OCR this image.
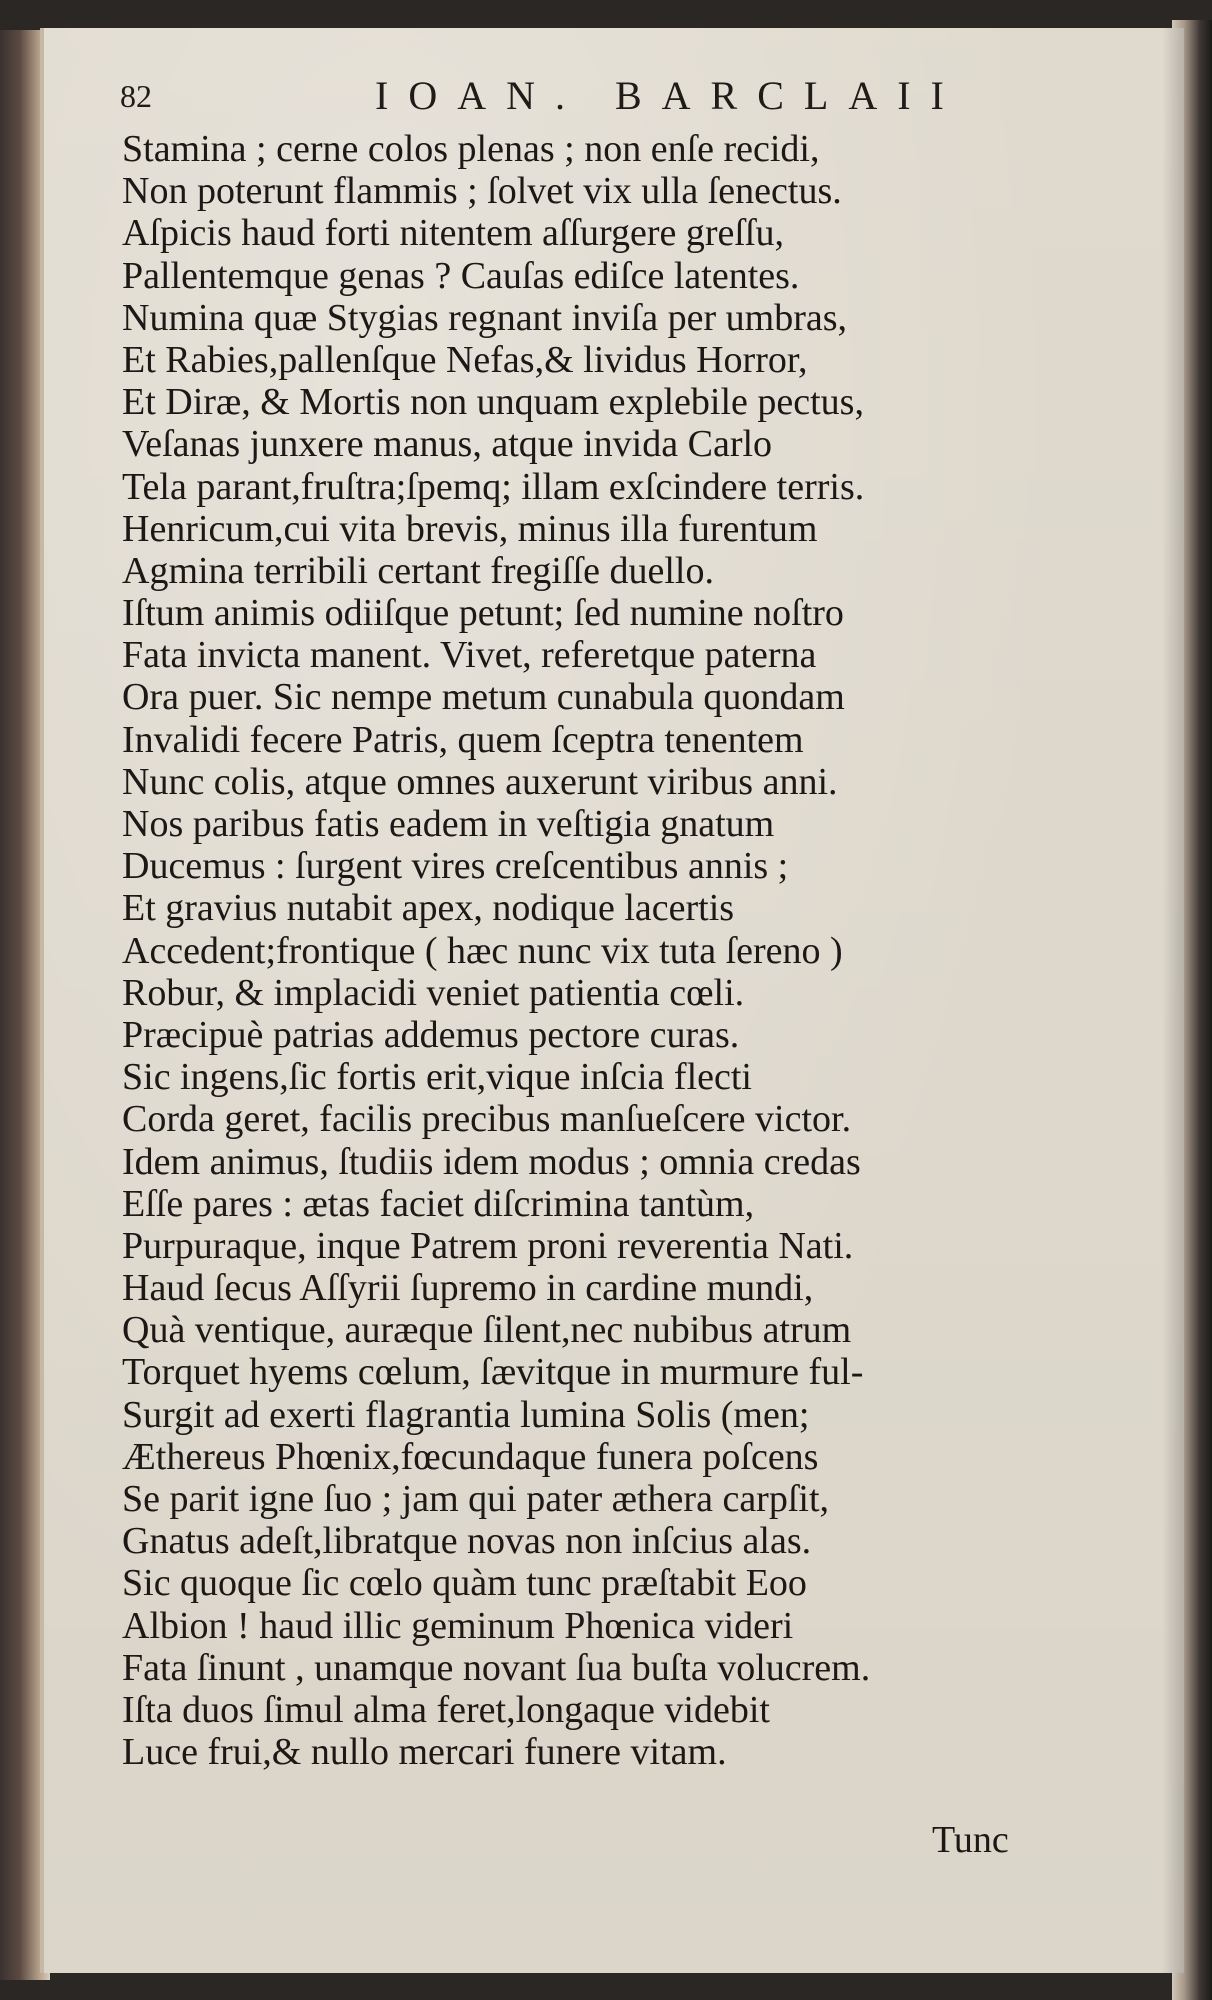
82	IOAN. BARCLAII
Stamina ; cerne colos plenas ; non enſe recidi,
Non poterunt flammis ; ſolvet vix ulla ſenectus.
Aſpicis haud forti nitentem aſſurgere greſſu,
Pallentemque genas ? Cauſas ediſce latentes.
Numina quæ Stygias regnant inviſa per umbras,
Et Rabies,pallenſque Nefas,& lividus Horror,
Et Diræ, & Mortis non unquam explebile pectus,
Veſanas junxere manus, atque invida Carlo
Tela parant,fruſtra;ſpemq; illam exſcindere terris.
Henricum,cui vita brevis, minus illa furentum
Agmina terribili certant fregiſſe duello.
Iſtum animis odiiſque petunt; ſed numine noſtro
Fata invicta manent. Vivet, referetque paterna
Ora puer. Sic nempe metum cunabula quondam
Invalidi fecere Patris, quem ſceptra tenentem
Nunc colis, atque omnes auxerunt viribus anni.
Nos paribus fatis eadem in veſtigia gnatum
Ducemus : ſurgent vires creſcentibus annis ;
Et gravius nutabit apex, nodique lacertis
Accedent;frontique ( hæc nunc vix tuta ſereno )
Robur, & implacidi veniet patientia cœli.
Præcipuè patrias addemus pectore curas.
Sic ingens,ſic fortis erit,vique inſcia flecti
Corda geret, facilis precibus manſueſcere victor.
Idem animus, ſtudiis idem modus ; omnia credas
Eſſe pares : ætas faciet diſcrimina tantùm,
Purpuraque, inque Patrem proni reverentia Nati.
Haud ſecus Aſſyrii ſupremo in cardine mundi,
Quà ventique, auræque ſilent,nec nubibus atrum
Torquet hyems cœlum, ſævitque in murmure ful-
Surgit ad exerti flagrantia lumina Solis (men;
Æthereus Phœnix,fœcundaque funera poſcens
Se parit igne ſuo ; jam qui pater æthera carpſit,
Gnatus adeſt,libratque novas non inſcius alas.
Sic quoque ſic cœlo quàm tunc præſtabit Eoo
Albion ! haud illic geminum Phœnica videri
Fata ſinunt , unamque novant ſua buſta volucrem.
Iſta duos ſimul alma feret,longaque videbit
Luce frui,& nullo mercari funere vitam.
Tunc
